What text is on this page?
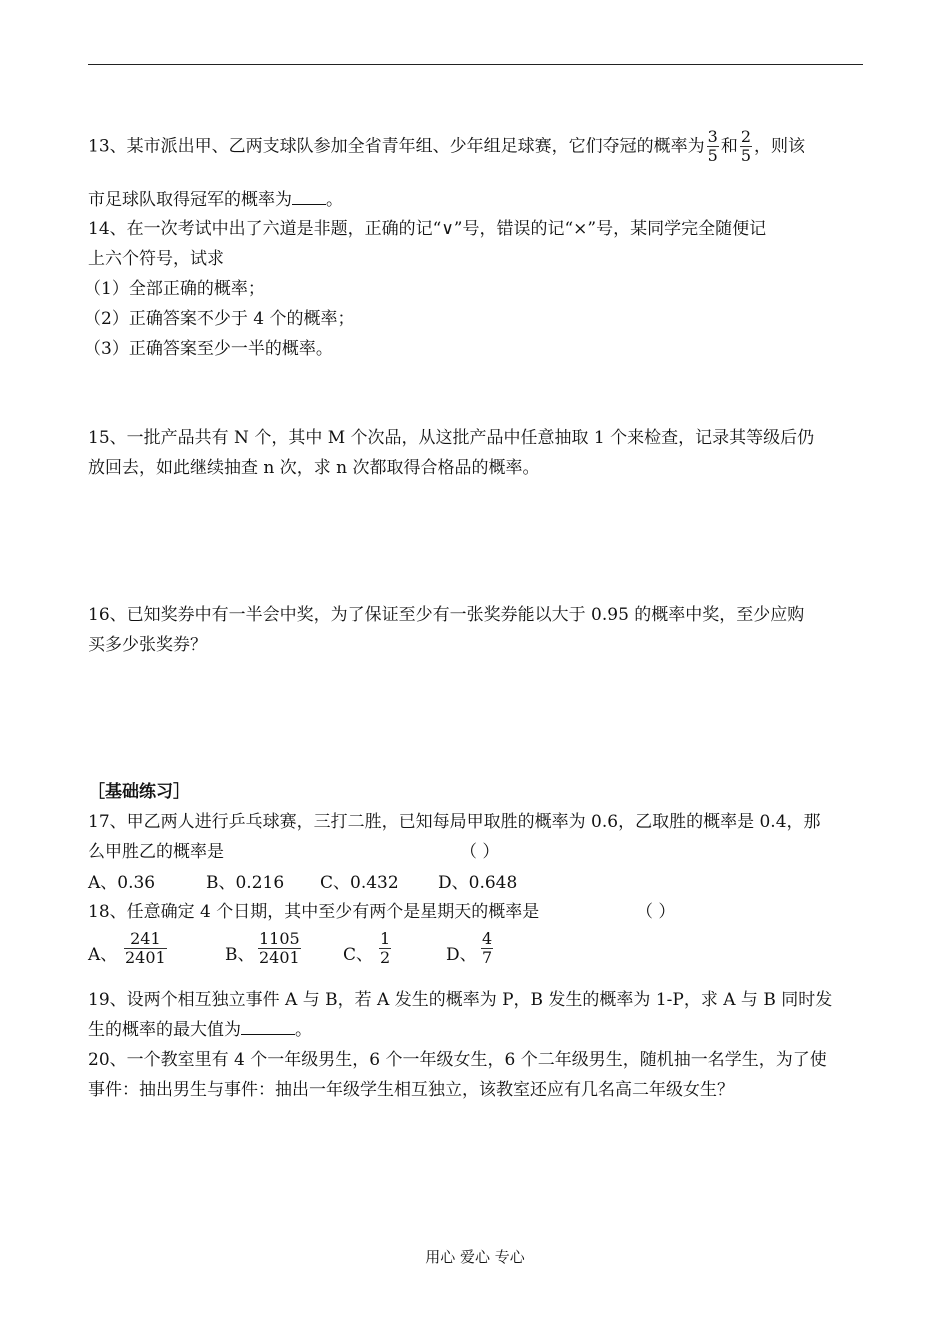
13、某市派出甲、乙两支球队参加全省青年组、少年组足球赛，它们夺冠的概率为 $\frac{3}{5}$ 和 $\frac{2}{5}$ ，则该
市足球队取得冠军的概率为 。
14、在一次考试中出了六道是非题，正确的记“∨”号，错误的记“×”号，某同学完全随便记
上六个符号，试求
（1）全部正确的概率；
（2）正确答案不少于 4 个的概率；
（3）正确答案至少一半的概率。
15、一批产品共有 N 个，其中 M 个次品，从这批产品中任意抽取 1 个来检查，记录其等级后仍
放回去，如此继续抽查 n 次，求 n 次都取得合格品的概率。
16、已知奖券中有一半会中奖，为了保证至少有一张奖券能以大于 0.95 的概率中奖，至少应购
买多少张奖券？
［基础练习］
17、甲乙两人进行乒乓球赛，三打二胜，已知每局甲取胜的概率为 0.6，乙取胜的概率是 0.4，那
么甲胜乙的概率是	（ ）
A、0.36	B、0.216 C、0.432 D、0.648
18、任意确定 4 个日期，其中至少有两个是星期天的概率是	（ ）
A、 $\frac{241}{2401}$	B、 $\frac{1105}{2401}$ C、 $\frac{1}{2}$	D、 $\frac{4}{7}$
19、设两个相互独立事件 A 与 B，若 A 发生的概率为 P，B 发生的概率为 1-P，求 A 与 B 同时发
生的概率的最大值为	。
20、一个教室里有 4 个一年级男生，6 个一年级女生，6 个二年级男生，随机抽一名学生，为了使
事件：抽出男生与事件：抽出一年级学生相互独立，该教室还应有几名高二年级女生？
用心 爱心 专心
